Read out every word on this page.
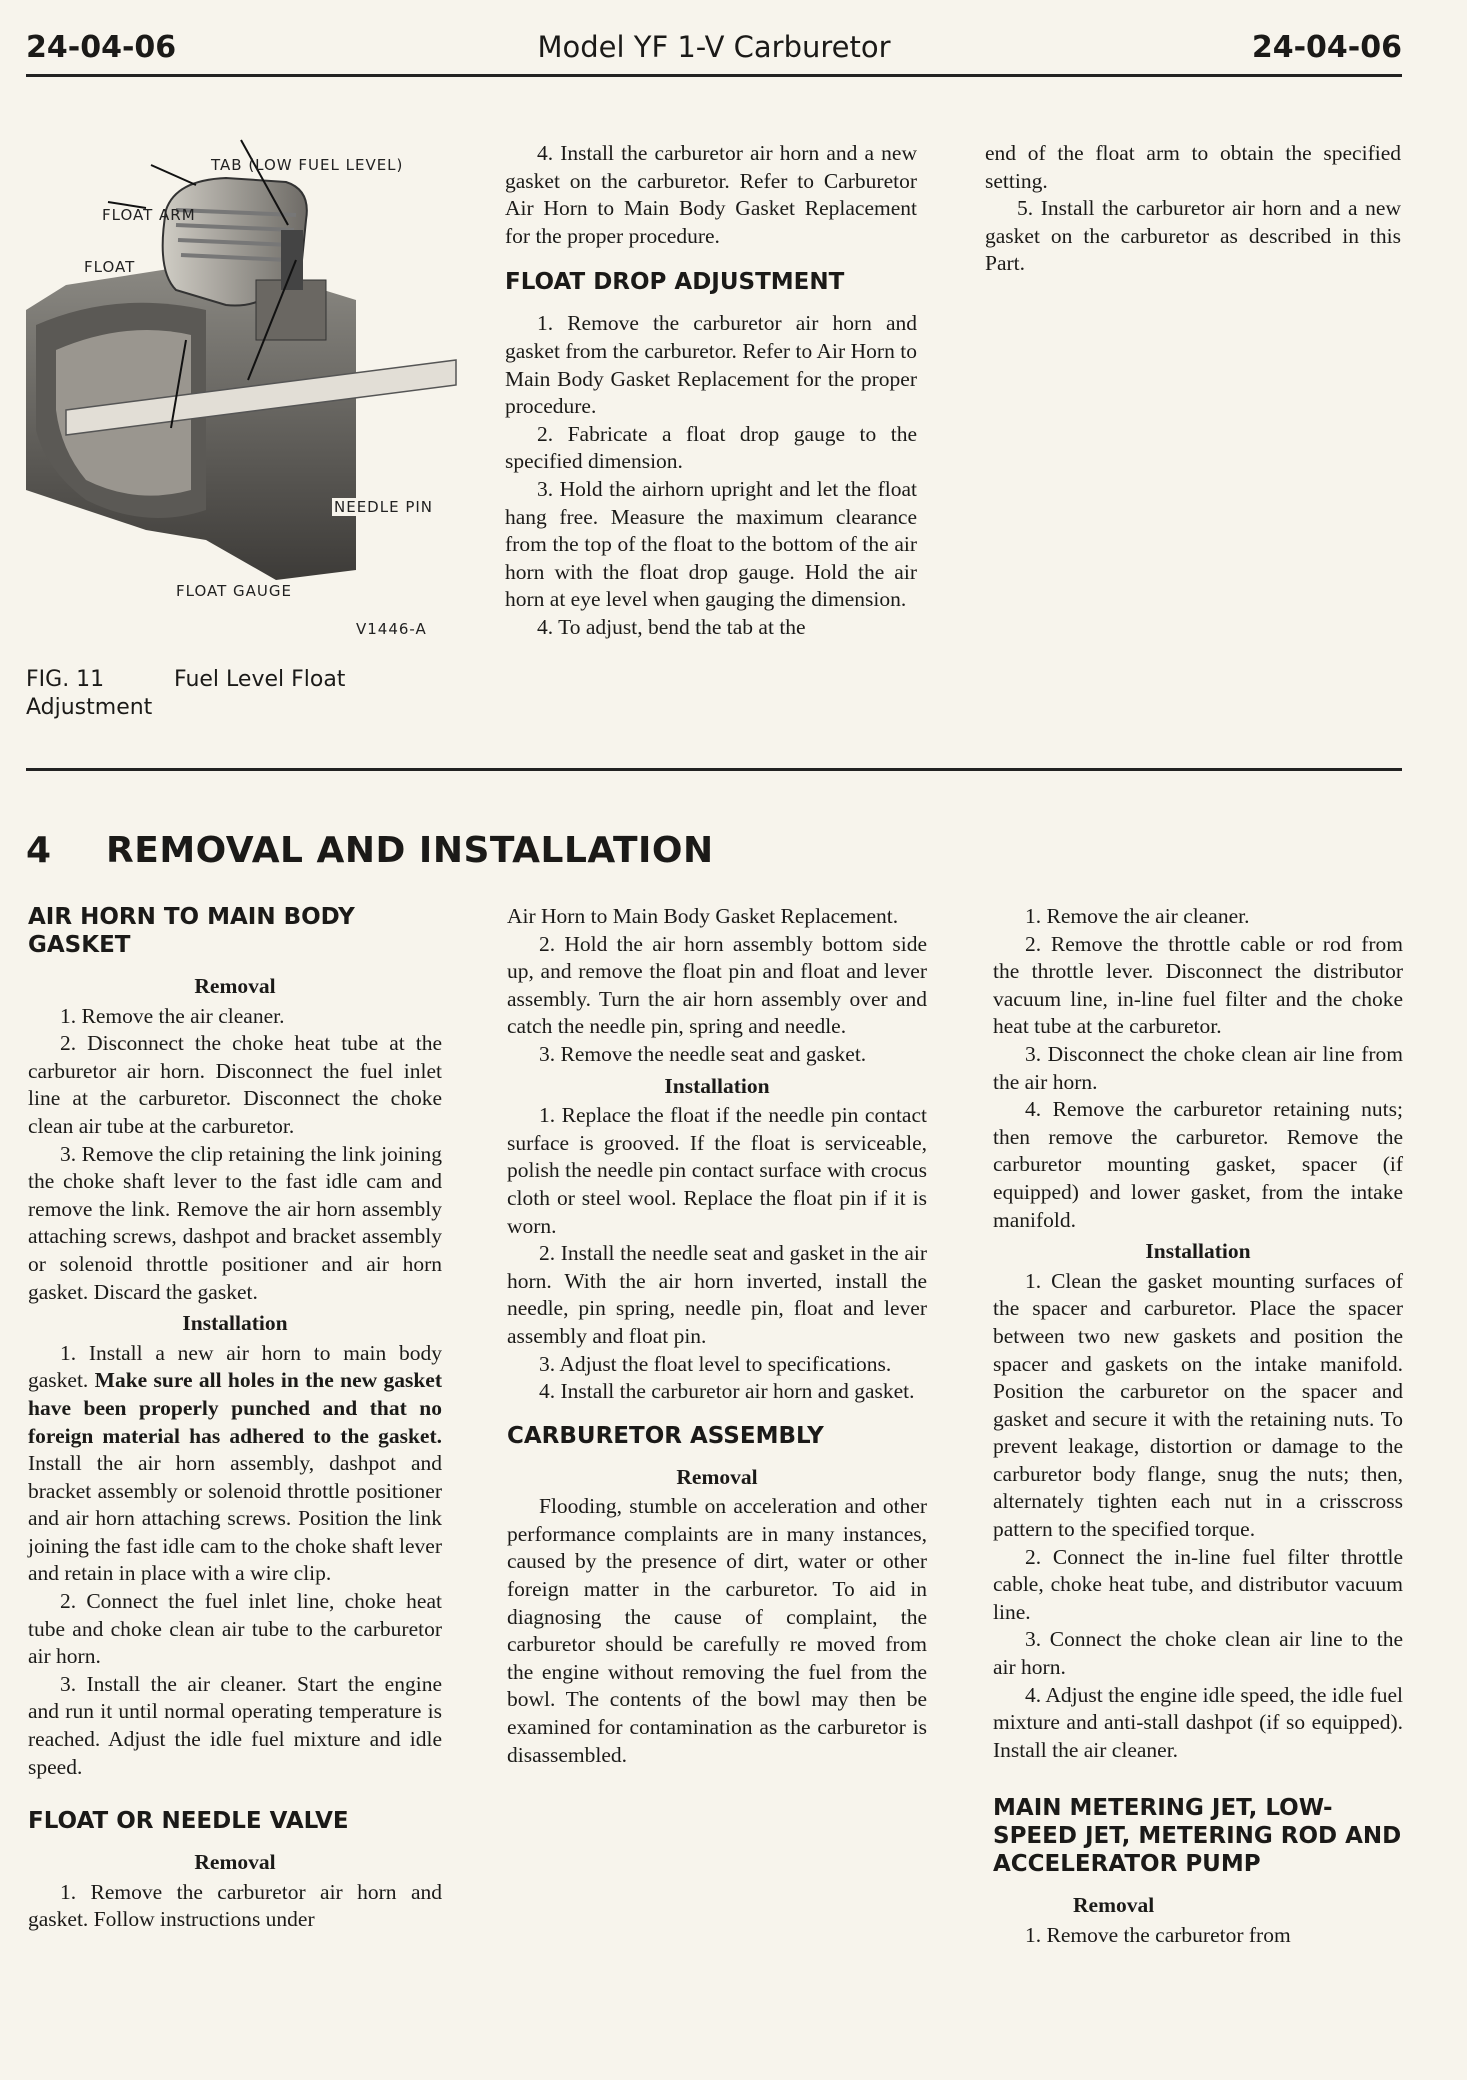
24-04-06	Model YF 1-V Carburetor	24-04-06
TAB (LOW FUEL LEVEL)
FLOAT ARM
FLOAT
NEEDLE PIN
FLOAT GAUGE
V1446-A
FIG. 11	Fuel Level Float
Adjustment

4. Install the carburetor air horn and a new gasket on the carburetor. Refer to Carburetor Air Horn to Main Body Gasket Replacement for the proper procedure.

FLOAT DROP ADJUSTMENT

1. Remove the carburetor air horn and gasket from the carburetor. Refer to Air Horn to Main Body Gasket Replacement for the proper procedure.

2. Fabricate a float drop gauge to the specified dimension.

3. Hold the airhorn upright and let the float hang free. Measure the maximum clearance from the top of the float to the bottom of the air horn with the float drop gauge. Hold the air horn at eye level when gauging the dimension.

4. To adjust, bend the tab at the

end of the float arm to obtain the specified setting.

5. Install the carburetor air horn and a new gasket on the carburetor as described in this Part.

4 REMOVAL AND INSTALLATION
AIR HORN TO MAIN BODY GASKET
Removal

1. Remove the air cleaner.

2. Disconnect the choke heat tube at the carburetor air horn. Disconnect the fuel inlet line at the carburetor. Disconnect the choke clean air tube at the carburetor.

3. Remove the clip retaining the link joining the choke shaft lever to the fast idle cam and remove the link. Remove the air horn assembly attaching screws, dashpot and bracket assembly or solenoid throttle positioner and air horn gasket. Discard the gasket.

Installation

1. Install a new air horn to main body gasket. Make sure all holes in the new gasket have been properly punched and that no foreign material has adhered to the gasket. Install the air horn assembly, dashpot and bracket assembly or solenoid throttle positioner and air horn attaching screws. Position the link joining the fast idle cam to the choke shaft lever and retain in place with a wire clip.

2. Connect the fuel inlet line, choke heat tube and choke clean air tube to the carburetor air horn.

3. Install the air cleaner. Start the engine and run it until normal operating temperature is reached. Adjust the idle fuel mixture and idle speed.

FLOAT OR NEEDLE VALVE
Removal

1. Remove the carburetor air horn and gasket. Follow instructions under

Air Horn to Main Body Gasket Replacement.

2. Hold the air horn assembly bottom side up, and remove the float pin and float and lever assembly. Turn the air horn assembly over and catch the needle pin, spring and needle.

3. Remove the needle seat and gasket.

Installation

1. Replace the float if the needle pin contact surface is grooved. If the float is serviceable, polish the needle pin contact surface with crocus cloth or steel wool. Replace the float pin if it is worn.

2. Install the needle seat and gasket in the air horn. With the air horn inverted, install the needle, pin spring, needle pin, float and lever assembly and float pin.

3. Adjust the float level to specifications.

4. Install the carburetor air horn and gasket.

CARBURETOR ASSEMBLY
Removal

Flooding, stumble on acceleration and other performance complaints are in many instances, caused by the presence of dirt, water or other foreign matter in the carburetor. To aid in diagnosing the cause of complaint, the carburetor should be carefully re moved from the engine without removing the fuel from the bowl. The contents of the bowl may then be examined for contamination as the carburetor is disassembled.

1. Remove the air cleaner.

2. Remove the throttle cable or rod from the throttle lever. Disconnect the distributor vacuum line, in-line fuel filter and the choke heat tube at the carburetor.

3. Disconnect the choke clean air line from the air horn.

4. Remove the carburetor retaining nuts; then remove the carburetor. Remove the carburetor mounting gasket, spacer (if equipped) and lower gasket, from the intake manifold.

Installation

1. Clean the gasket mounting surfaces of the spacer and carburetor. Place the spacer between two new gaskets and position the spacer and gaskets on the intake manifold. Position the carburetor on the spacer and gasket and secure it with the retaining nuts. To prevent leakage, distortion or damage to the carburetor body flange, snug the nuts; then, alternately tighten each nut in a crisscross pattern to the specified torque.

2. Connect the in-line fuel filter throttle cable, choke heat tube, and distributor vacuum line.

3. Connect the choke clean air line to the air horn.

4. Adjust the engine idle speed, the idle fuel mixture and anti-stall dashpot (if so equipped). Install the air cleaner.

MAIN METERING JET, LOW-SPEED JET, METERING ROD AND ACCELERATOR PUMP
Removal

1. Remove the carburetor from
